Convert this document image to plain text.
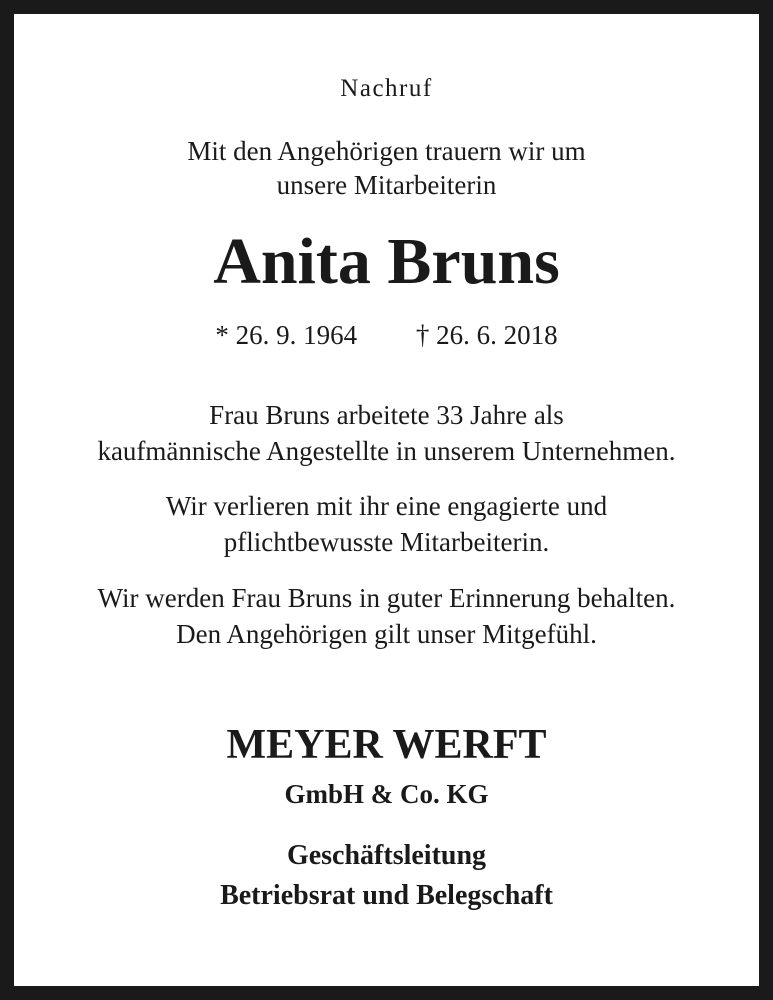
Nachruf
Mit den Angehörigen trauern wir um
unsere Mitarbeiterin
Anita Bruns
* 26. 9. 1964 † 26. 6. 2018
Frau Bruns arbeitete 33 Jahre als
kaufmännische Angestellte in unserem Unternehmen.
Wir verlieren mit ihr eine engagierte und
pflichtbewusste Mitarbeiterin.
Wir werden Frau Bruns in guter Erinnerung behalten.
Den Angehörigen gilt unser Mitgefühl.
MEYER WERFT
GmbH & Co. KG
Geschäftsleitung
Betriebsrat und Belegschaft
